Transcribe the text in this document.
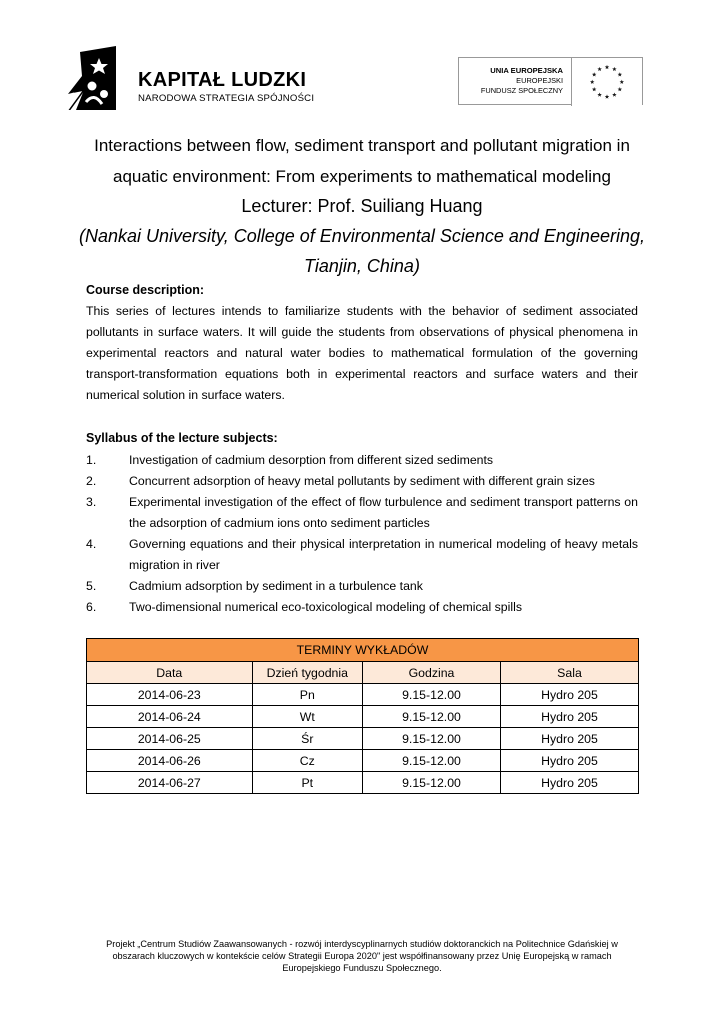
KAPITAŁ LUDZKI
NARODOWA STRATEGIA SPÓJNOŚCI
UNIA EUROPEJSKA
EUROPEJSKI
FUNDUSZ SPOŁECZNY
Interactions between flow, sediment transport and pollutant migration in
aquatic environment: From experiments to mathematical modeling
Lecturer: Prof. Suiliang Huang
(Nankai University, College of Environmental Science and Engineering,
Tianjin, China)
Course description:
This series of lectures intends to familiarize students with the behavior of sediment associated
pollutants in surface waters. It will guide the students from observations of physical phenomena in
experimental reactors and natural water bodies to mathematical formulation of the governing
transport-transformation equations both in experimental reactors and surface waters and their
numerical solution in surface waters.
Syllabus of the lecture subjects:
1.	Investigation of cadmium desorption from different sized sediments
2.	Concurrent adsorption of heavy metal pollutants by sediment with different grain sizes
3.	Experimental investigation of the effect of flow turbulence and sediment transport patterns on
the adsorption of cadmium ions onto sediment particles
4.	Governing equations and their physical interpretation in numerical modeling of heavy metals
migration in river
5.	Cadmium adsorption by sediment in a turbulence tank
6.	Two-dimensional numerical eco-toxicological modeling of chemical spills
TERMINY WYKŁADÓW			
Data	Dzień tygodnia	Godzina	Sala
2014-06-23	Pn	9.15-12.00	Hydro 205
2014-06-24	Wt	9.15-12.00	Hydro 205
2014-06-25	Śr	9.15-12.00	Hydro 205
2014-06-26	Cz	9.15-12.00	Hydro 205
2014-06-27	Pt	9.15-12.00	Hydro 205
Projekt „Centrum Studiów Zaawansowanych - rozwój interdyscyplinarnych studiów doktoranckich na Politechnice Gdańskiej w
obszarach kluczowych w kontekście celów Strategii Europa 2020" jest współfinansowany przez Unię Europejską w ramach
Europejskiego Funduszu Społecznego.
